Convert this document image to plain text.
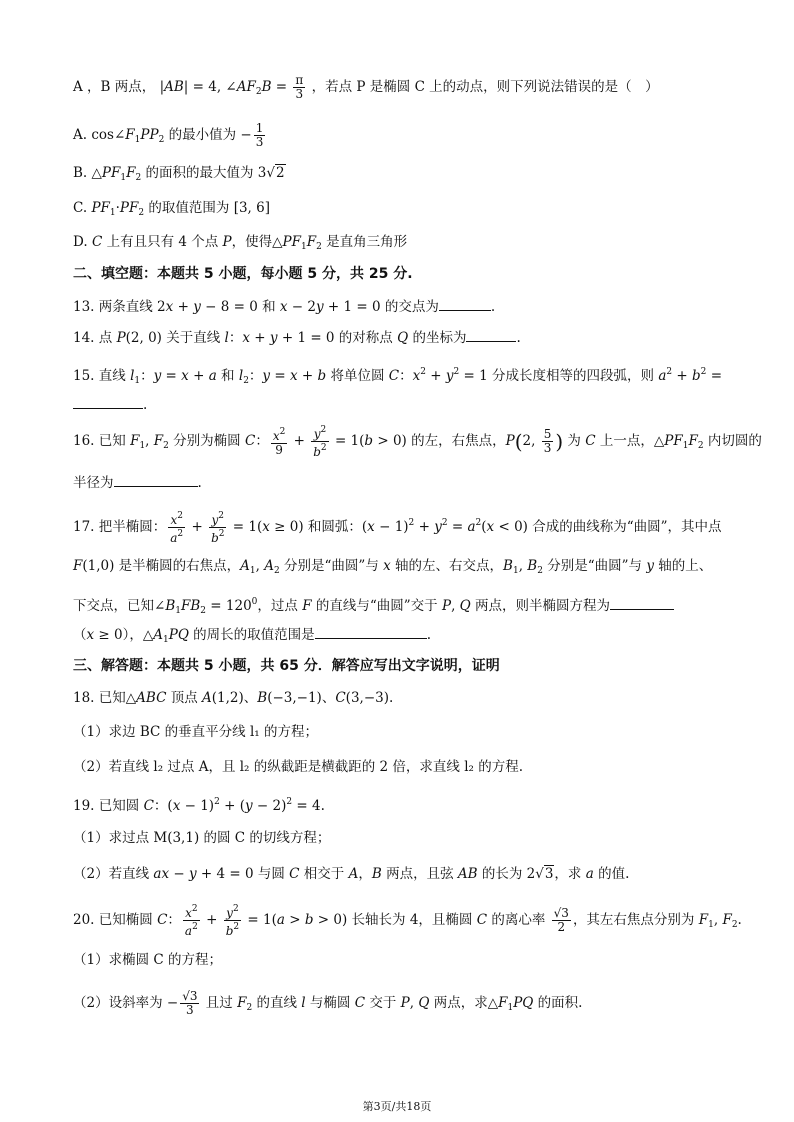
A ，B 两点， |AB| = 4, $\angle AF_2B = \frac{\pi}{3}$ ，若点 P 是椭圆 C 上的动点，则下列说法错误的是（　）
A. $\cos\angle F_1PP_2$ 的最小值为 − $\frac{1}{3}$
B. $\triangle PF_1F_2$ 的面积的最大值为 3√2
C. $PF_1\cdot PF_2$ 的取值范围为 [3, 6]
D. C 上有且只有 4 个点 P，使得$\triangle PF_1F_2$ 是直角三角形
二、填空题：本题共 5 小题，每小题 5 分，共 25 分.
13. 两条直线 2x + y − 8 = 0 和 x − 2y + 1 = 0 的交点为	.
14. 点 P(2, 0) 关于直线 l：x + y + 1 = 0 的对称点 Q 的坐标为	.
15. 直线 $l_1$：y = x + a 和 $l_2$：y = x + b 将单位圆 C：$x^2 + y^2 = 1$ 分成长度相等的四段弧，则 $a^2 + b^2$ =
.
16. 已知 $F_1$, $F_2$ 分别为椭圆 C： $\frac{x^2}{9} + \frac{y^2}{b^2} = 1(b > 0)$ 的左，右焦点，P(2, $\frac{5}{3}$ ) 为 C 上一点，$\triangle PF_1F_2$ 内切圆的
半径为	.
17. 把半椭圆： $\frac{x^2}{a^2} + \frac{y^2}{b^2} = 1(x \ge 0)$ 和圆弧：$(x - 1)^2 + y^2 = a^2(x < 0)$ 合成的曲线称为“曲圆”，其中点
F(1,0) 是半椭圆的右焦点，$A_1$, $A_2$ 分别是“曲圆”与 x 轴的左、右交点，$B_1$, $B_2$ 分别是“曲圆”与 y 轴的上、
下交点，已知$\angle B_1FB_2 = 120^0$，过点 F 的直线与“曲圆”交于 P, Q 两点，则半椭圆方程为
（x ≥ 0），$\triangle A_1PQ$ 的周长的取值范围是	.
三、解答题：本题共 5 小题，共 65 分．解答应写出文字说明，证明
18. 已知△ABC 顶点 A(1,2)、B(−3,−1)、C(3,−3).
（1）求边 BC 的垂直平分线 l₁ 的方程；
（2）若直线 l₂ 过点 A，且 l₂ 的纵截距是横截距的 2 倍，求直线 l₂ 的方程.
19. 已知圆 C：$(x - 1)^2 + (y - 2)^2 = 4$.
（1）求过点 M(3,1) 的圆 C 的切线方程；
（2）若直线 ax − y + 4 = 0 与圆 C 相交于 A，B 两点，且弦 AB 的长为 2√3，求 a 的值.
20. 已知椭圆 C： $\frac{x^2}{a^2} + \frac{y^2}{b^2} = 1(a > b > 0)$ 长轴长为 4，且椭圆 C 的离心率 $\frac{√3}{2}$ ，其左右焦点分别为 $F_1$, $F_2$.
（1）求椭圆 C 的方程；
（2）设斜率为 − $\frac{√3}{3}$ 且过 $F_2$ 的直线 l 与椭圆 C 交于 P, Q 两点，求$\triangle F_1PQ$ 的面积.
第3页/共18页
